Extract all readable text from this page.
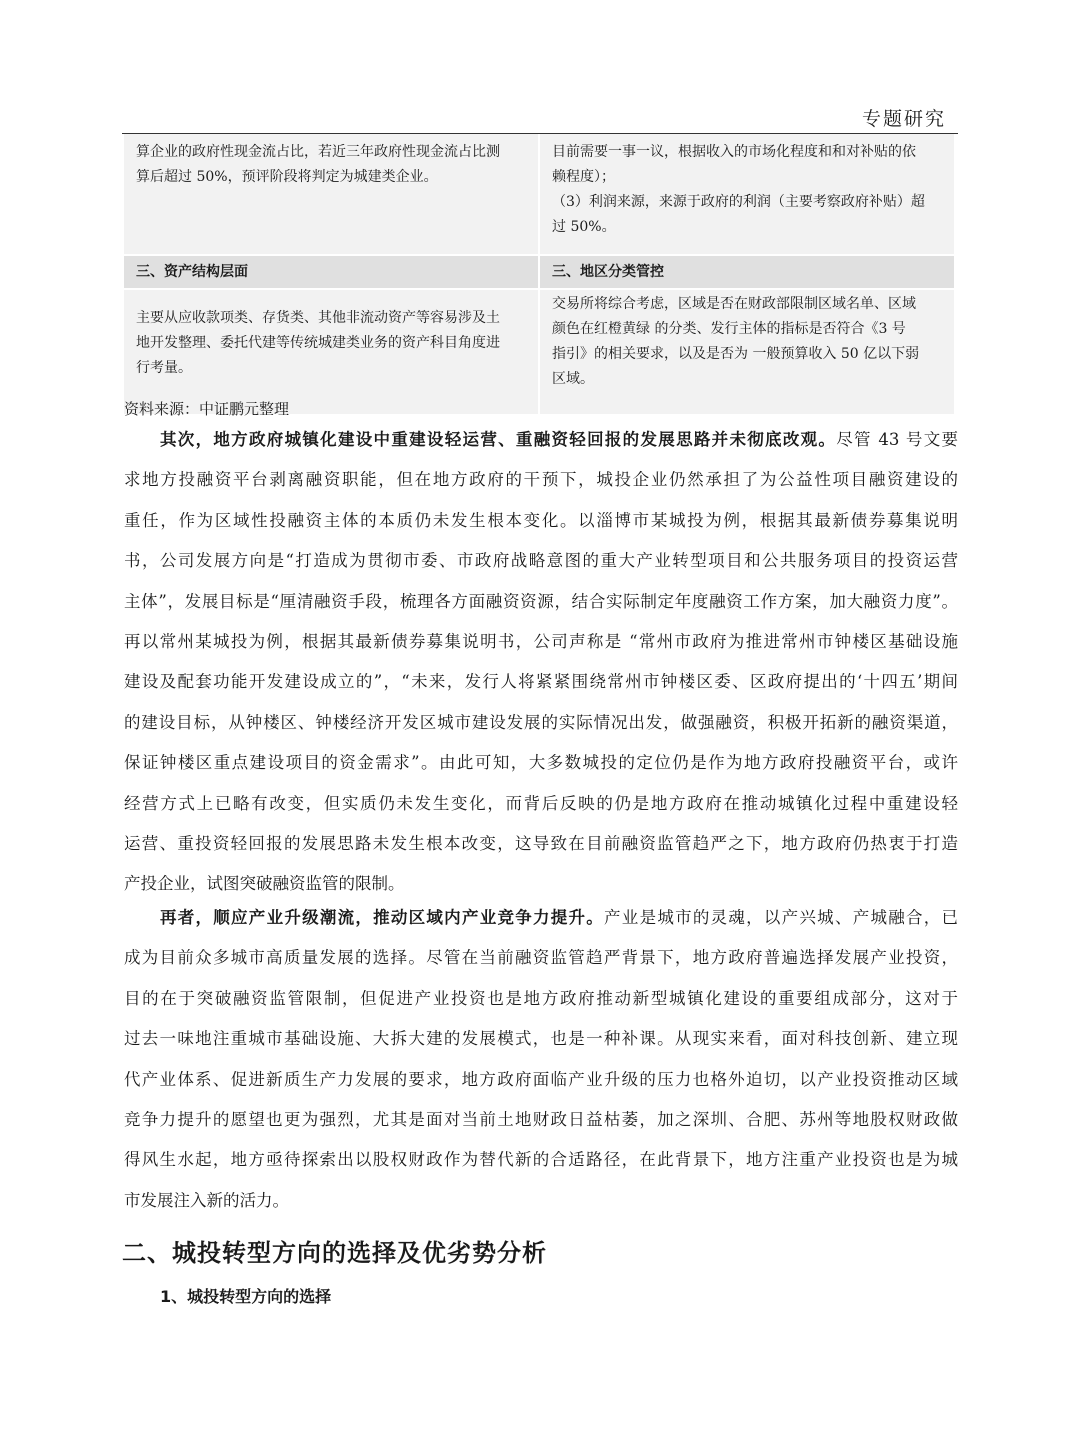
专题研究
算企业的政府性现金流占比，若近三年政府性现金流占比测
算后超过 50%，预评阶段将判定为城建类企业。	目前需要一事一议，根据收入的市场化程度和和对补贴的依
赖程度）；
（3）利润来源，来源于政府的利润（主要考察政府补贴）超
过 50%。

三、资产结构层面	三、地区分类管控

主要从应收款项类、存货类、其他非流动资产等容易涉及土
地开发整理、委托代建等传统城建类业务的资产科目角度进
行考量。	交易所将综合考虑，区域是否在财政部限制区域名单、区域
颜色在红橙黄绿 的分类、发行主体的指标是否符合《3 号
指引》的相关要求，以及是否为 一般预算收入 50 亿以下弱
区域。
资料来源：中证鹏元整理
其次，地方政府城镇化建设中重建设轻运营、重融资轻回报的发展思路并未彻底改观。尽管 43 号文要
求地方投融资平台剥离融资职能，但在地方政府的干预下，城投企业仍然承担了为公益性项目融资建设的
重任，作为区域性投融资主体的本质仍未发生根本变化。以淄博市某城投为例，根据其最新债券募集说明
书，公司发展方向是“打造成为贯彻市委、市政府战略意图的重大产业转型项目和公共服务项目的投资运营
主体”，发展目标是“厘清融资手段，梳理各方面融资资源，结合实际制定年度融资工作方案，加大融资力度”。
再以常州某城投为例，根据其最新债券募集说明书，公司声称是 “常州市政府为推进常州市钟楼区基础设施
建设及配套功能开发建设成立的”，“未来，发行人将紧紧围绕常州市钟楼区委、区政府提出的‘十四五’期间
的建设目标，从钟楼区、钟楼经济开发区城市建设发展的实际情况出发，做强融资，积极开拓新的融资渠道，
保证钟楼区重点建设项目的资金需求”。由此可知，大多数城投的定位仍是作为地方政府投融资平台，或许
经营方式上已略有改变，但实质仍未发生变化，而背后反映的仍是地方政府在推动城镇化过程中重建设轻
运营、重投资轻回报的发展思路未发生根本改变，这导致在目前融资监管趋严之下，地方政府仍热衷于打造
产投企业，试图突破融资监管的限制。
再者，顺应产业升级潮流，推动区域内产业竞争力提升。产业是城市的灵魂，以产兴城、产城融合，已
成为目前众多城市高质量发展的选择。尽管在当前融资监管趋严背景下，地方政府普遍选择发展产业投资，
目的在于突破融资监管限制，但促进产业投资也是地方政府推动新型城镇化建设的重要组成部分，这对于
过去一味地注重城市基础设施、大拆大建的发展模式，也是一种补课。从现实来看，面对科技创新、建立现
代产业体系、促进新质生产力发展的要求，地方政府面临产业升级的压力也格外迫切，以产业投资推动区域
竞争力提升的愿望也更为强烈，尤其是面对当前土地财政日益枯萎，加之深圳、合肥、苏州等地股权财政做
得风生水起，地方亟待探索出以股权财政作为替代新的合适路径，在此背景下，地方注重产业投资也是为城
市发展注入新的活力。
二、城投转型方向的选择及优劣势分析
1、城投转型方向的选择
